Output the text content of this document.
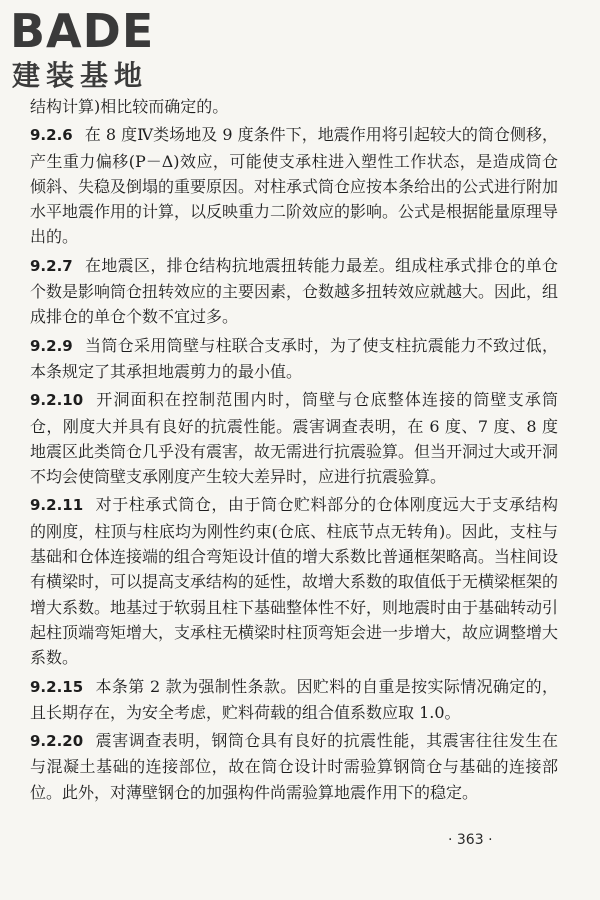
BADE
建装基地

结构计算)相比较而确定的。

9.2.6 在 8 度Ⅳ类场地及 9 度条件下，地震作用将引起较大的筒仓侧移，产生重力偏移(P－Δ)效应，可能使支承柱进入塑性工作状态，是造成筒仓倾斜、失稳及倒塌的重要原因。对柱承式筒仓应按本条给出的公式进行附加水平地震作用的计算，以反映重力二阶效应的影响。公式是根据能量原理导出的。

9.2.7 在地震区，排仓结构抗地震扭转能力最差。组成柱承式排仓的单仓个数是影响筒仓扭转效应的主要因素，仓数越多扭转效应就越大。因此，组成排仓的单仓个数不宜过多。

9.2.9 当筒仓采用筒壁与柱联合支承时，为了使支柱抗震能力不致过低，本条规定了其承担地震剪力的最小值。

9.2.10 开洞面积在控制范围内时，筒壁与仓底整体连接的筒壁支承筒仓，刚度大并具有良好的抗震性能。震害调查表明，在 6 度、7 度、8 度地震区此类筒仓几乎没有震害，故无需进行抗震验算。但当开洞过大或开洞不均会使筒壁支承刚度产生较大差异时，应进行抗震验算。

9.2.11 对于柱承式筒仓，由于筒仓贮料部分的仓体刚度远大于支承结构的刚度，柱顶与柱底均为刚性约束(仓底、柱底节点无转角)。因此，支柱与基础和仓体连接端的组合弯矩设计值的增大系数比普通框架略高。当柱间设有横梁时，可以提高支承结构的延性，故增大系数的取值低于无横梁框架的增大系数。地基过于软弱且柱下基础整体性不好，则地震时由于基础转动引起柱顶端弯矩增大，支承柱无横梁时柱顶弯矩会进一步增大，故应调整增大系数。

9.2.15 本条第 2 款为强制性条款。因贮料的自重是按实际情况确定的，且长期存在，为安全考虑，贮料荷载的组合值系数应取 1.0。

9.2.20 震害调查表明，钢筒仓具有良好的抗震性能，其震害往往发生在与混凝土基础的连接部位，故在筒仓设计时需验算钢筒仓与基础的连接部位。此外，对薄壁钢仓的加强构件尚需验算地震作用下的稳定。

· 363 ·
